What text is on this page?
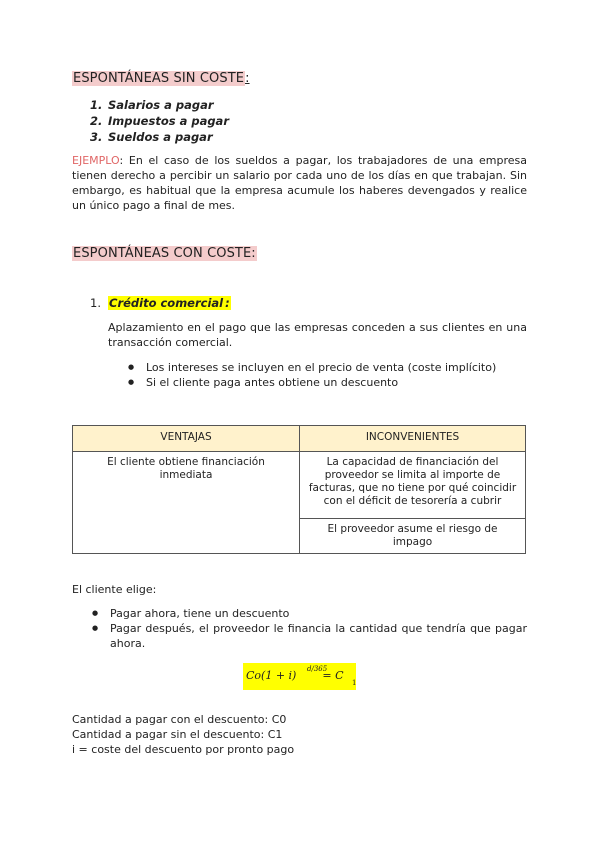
ESPONTÁNEAS SIN COSTE:
1. Salarios a pagar
2. Impuestos a pagar
3. Sueldos a pagar

EJEMPLO: En el caso de los sueldos a pagar, los trabajadores de una empresa tienen derecho a percibir un salario por cada uno de los días en que trabajan. Sin embargo, es habitual que la empresa acumule los haberes devengados y realice un único pago a final de mes.

ESPONTÁNEAS CON COSTE:
1. Crédito comercial :

Aplazamiento en el pago que las empresas conceden a sus clientes en una transacción comercial.

● Los intereses se incluyen en el precio de venta (coste implícito)
● Si el cliente paga antes obtiene un descuento
VENTAJAS	INCONVENIENTES
El cliente obtiene financiación inmediata	La capacidad de financiación del proveedor se limita al importe de facturas, que no tiene por qué coincidir con el déficit de tesorería a cubrir
	El proveedor asume el riesgo de impago
El cliente elige:
● Pagar ahora, tiene un descuento
● Pagar después, el proveedor le financia la cantidad que tendría que pagar ahora.
Co(1 + i) = C
d/365
1
Cantidad a pagar con el descuento: C0
Cantidad a pagar sin el descuento: C1
i = coste del descuento por pronto pago
